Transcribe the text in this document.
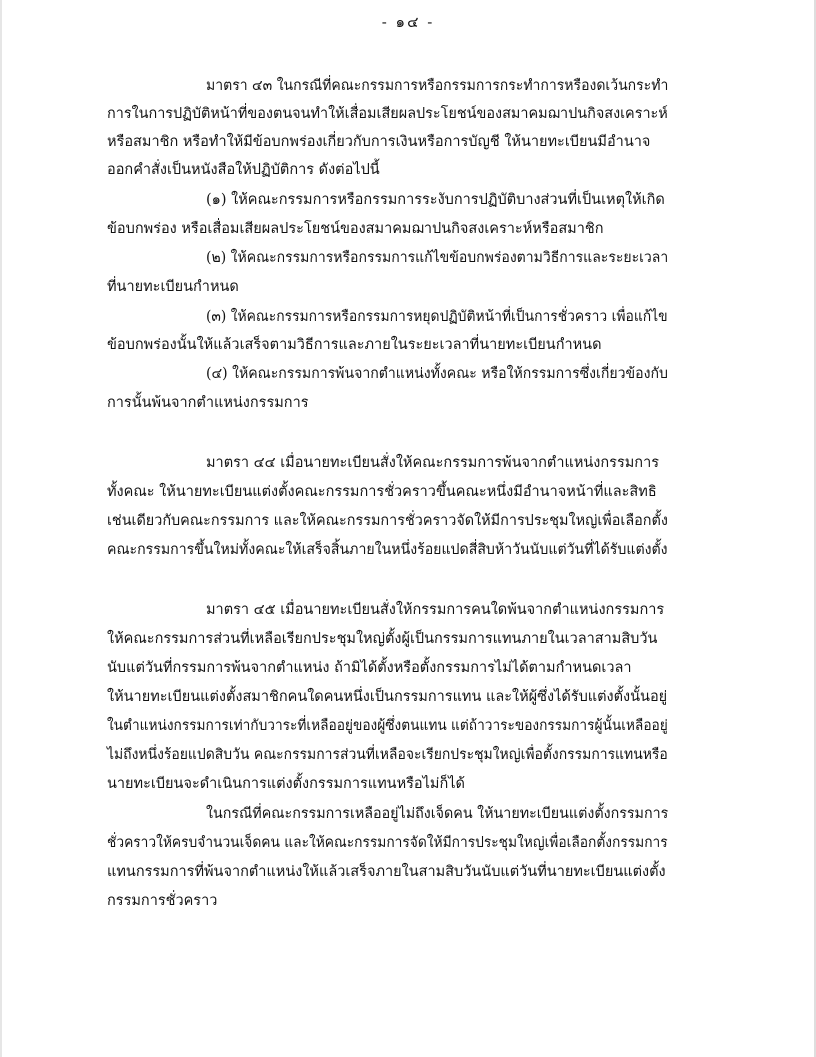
- ๑๔ -
มาตรา ๔๓ ในกรณีที่คณะกรรมการหรือกรรมการกระทำการหรืองดเว้นกระทำ
การในการปฏิบัติหน้าที่ของตนจนทำให้เสื่อมเสียผลประโยชน์ของสมาคมฌาปนกิจสงเคราะห์
หรือสมาชิก หรือทำให้มีข้อบกพร่องเกี่ยวกับการเงินหรือการบัญชี ให้นายทะเบียนมีอำนาจ
ออกคำสั่งเป็นหนังสือให้ปฏิบัติการ ดังต่อไปนี้
(๑) ให้คณะกรรมการหรือกรรมการระงับการปฏิบัติบางส่วนที่เป็นเหตุให้เกิด
ข้อบกพร่อง หรือเสื่อมเสียผลประโยชน์ของสมาคมฌาปนกิจสงเคราะห์หรือสมาชิก
(๒) ให้คณะกรรมการหรือกรรมการแก้ไขข้อบกพร่องตามวิธีการและระยะเวลา
ที่นายทะเบียนกำหนด
(๓) ให้คณะกรรมการหรือกรรมการหยุดปฏิบัติหน้าที่เป็นการชั่วคราว เพื่อแก้ไข
ข้อบกพร่องนั้นให้แล้วเสร็จตามวิธีการและภายในระยะเวลาที่นายทะเบียนกำหนด
(๔) ให้คณะกรรมการพ้นจากตำแหน่งทั้งคณะ หรือให้กรรมการซึ่งเกี่ยวข้องกับ
การนั้นพ้นจากตำแหน่งกรรมการ
มาตรา ๔๔ เมื่อนายทะเบียนสั่งให้คณะกรรมการพ้นจากตำแหน่งกรรมการ
ทั้งคณะ ให้นายทะเบียนแต่งตั้งคณะกรรมการชั่วคราวขึ้นคณะหนึ่งมีอำนาจหน้าที่และสิทธิ
เช่นเดียวกับคณะกรรมการ และให้คณะกรรมการชั่วคราวจัดให้มีการประชุมใหญ่เพื่อเลือกตั้ง
คณะกรรมการขึ้นใหม่ทั้งคณะให้เสร็จสิ้นภายในหนึ่งร้อยแปดสี่สิบห้าวันนับแต่วันที่ได้รับแต่งตั้ง
มาตรา ๔๕ เมื่อนายทะเบียนสั่งให้กรรมการคนใดพ้นจากตำแหน่งกรรมการ
ให้คณะกรรมการส่วนที่เหลือเรียกประชุมใหญ่ตั้งผู้เป็นกรรมการแทนภายในเวลาสามสิบวัน
นับแต่วันที่กรรมการพ้นจากตำแหน่ง ถ้ามิได้ตั้งหรือตั้งกรรมการไม่ได้ตามกำหนดเวลา
ให้นายทะเบียนแต่งตั้งสมาชิกคนใดคนหนึ่งเป็นกรรมการแทน และให้ผู้ซึ่งได้รับแต่งตั้งนั้นอยู่
ในตำแหน่งกรรมการเท่ากับวาระที่เหลืออยู่ของผู้ซึ่งตนแทน แต่ถ้าวาระของกรรมการผู้นั้นเหลืออยู่
ไม่ถึงหนึ่งร้อยแปดสิบวัน คณะกรรมการส่วนที่เหลือจะเรียกประชุมใหญ่เพื่อตั้งกรรมการแทนหรือ
นายทะเบียนจะดำเนินการแต่งตั้งกรรมการแทนหรือไม่ก็ได้
ในกรณีที่คณะกรรมการเหลืออยู่ไม่ถึงเจ็ดคน ให้นายทะเบียนแต่งตั้งกรรมการ
ชั่วคราวให้ครบจำนวนเจ็ดคน และให้คณะกรรมการจัดให้มีการประชุมใหญ่เพื่อเลือกตั้งกรรมการ
แทนกรรมการที่พ้นจากตำแหน่งให้แล้วเสร็จภายในสามสิบวันนับแต่วันที่นายทะเบียนแต่งตั้ง
กรรมการชั่วคราว
